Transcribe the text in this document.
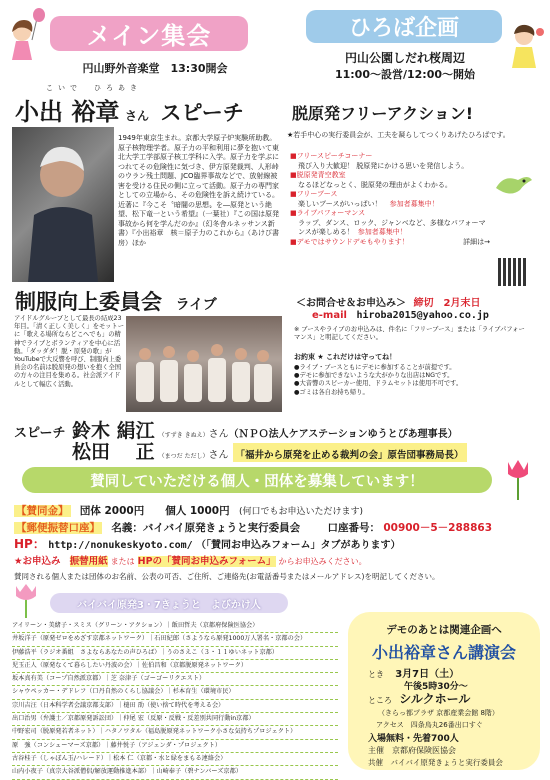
メイン集会
円山野外音楽堂　13:30開会
こいで　ひろあき
小出 裕章 さん スピーチ
1949年東京生まれ。京都大学原子炉実験所助教。原子核物理学者。原子力の平和利用に夢を抱いて東北大学工学部原子核工学科に入学。原子力を学ぶにつれてその危険性に気づき、伊方原発裁判、人形峠のウラン残土問題、JCO臨界事故などで、放射線被害を受ける住民の側に立って活動。原子力の専門家としての立場から、その危険性を訴え続けている。近著に『今こそ〝暗闇の思想〟を―原発という絶望、松下竜一という希望』（一葉社）『この国は原発事故から何を学んだのか』（幻冬舎ルネッサンス新書）『小出裕章　核＝原子力のこれから』（あけび書房）ほか
制服向上委員会 ライブ
アイドルグループとして最長の結成23年目。「清く正しく美しく」をモットーに「歌える場所ならどこへでも」の精神でライブとボランティアを中心に活動。「ダッダダ！脱・原発の歌」がYouTubeで大反響を呼び、制服向上委員会の名前は脱原発の想いを抱く全国の方々の注目を集める。社会派アイドルとして幅広く活動。
スピーチ 鈴木 絹江 （すずき きぬえ） さん （ＮＰＯ法人ケアステーションゆうとぴあ理事長）
松田　 正 （まつだ ただし） さん 「福井から原発を止める裁判の会」原告団事務局長）
ひろば企画
円山公園しだれ桜周辺
11:00～設営/12:00～開始
脱原発フリーアクション!
★若手中心の実行委員会が、工夫を凝らしてつくりあげたひろばです。
■フリースピーチコーナー
飛び入り大歓迎！ 脱原発にかける思いを発信しよう。
■脱原発青空教室
なるほどなっとく、脱原発の理由がよくわかる。
■フリーブース
楽しいブースがいっぱい！ 参加者募集中！
■ライブパフォーマンス
ラップ、ダンス、ロック、ジャンベなど、多様なパフォーマンスが楽しめる！ 参加者募集中！
■デモではサウンドデモもやります！	詳細は→
＜お問合せ＆お申込み＞ 締切　2月末日
e-mail hiroba2015@yahoo.co.jp
※ ブースやライブのお申込みは、件名に「フリーブース」または「ライブパフォーマンス」と明記してください。
お約束 ★ これだけは守ってね！
●ライブ・ブースともにデモに参加することが前提です。
●デモに参加できないような大がかりな出店はNGです。
●大音響のスピーカー使用、ドラムセットは使用不可です。
●ゴミは各自お持ち帰り。
賛同していただける個人・団体を募集しています！
【賛同金】 団体 2000円　　個人 1000円 (何口でもお申込いただけます)
【郵便振替口座】 名義：バイバイ原発きょうと実行委員会	口座番号： 00900－5－288863
HP： http://nonukeskyoto.com/ （「賛同お申込みフォーム」タブがあります）
★お申込み 振替用紙 または HPの「賛同お申込みフォーム」 からお申込みください。
賛同される個人または団体のお名前、公表の可否、ご住所、ご連絡先(お電話番号またはメールアドレス)を明記してください。
バイバイ原発3・7きょうと　よびかけ人
アイリーン・美緒子・スミス（グリーン・アクション）｜飯田哲夫（京都府保険医協会）
井坂洋子（原発ゼロをめざす京都ネットワーク）｜石田紀郎（さようなら原発1000万人署名・京都の会）
伊藤浩平（ラジオ番組　さよならあなたの声ひろば）｜うのさえこ（３・１１ゆいネット京都）
児玉正人（原発なくて暮らしたい丹波の会）｜佐伯昌和（京都脱原発ネットワーク）
坂本真有美（コープ自然派京都）｜芝 奈津子（ゴーゴーリクエスト）
シャウペッカー・デドレフ（口丹自然のくらし協議会）｜杉本育生（環境市民）
宗川吉汪（日本科学者会議京都支部）｜槌田 劭（使い捨て時代を考える会）
出口治男（弁護士／京都原発訴訟団）｜仲尾 宏（反原・反戦・反差別共同行動in京都）
中野宏司（脱原発若者ネット）｜ハタノワタル（福島脱原発ネットワーク小さな気持ちプロジェクト）
原　強（コンシューマーズ京都）｜藤井悦子（アジェンダ・プロジェクト）
古谷桂子（しゃぼん玉/ハレード）｜松本 仁（京都・水と緑をまもる連絡会）
山内小夜子（真宗大谷派僧侶/解放運動推進本部）｜山崎奉子（碧ナンバーズ京都）
デモのあとは関連企画へ
小出裕章さん講演会
とき 3月7日（土）
午後5時30分～
ところ シルクホール
（きらっ都プラザ 京都産業会館 8階）
アクセス　四条烏丸26番出口すぐ
入場無料・先着700人
主催　京都府保険医協会
共催　バイバイ原発きょうと実行委員会
